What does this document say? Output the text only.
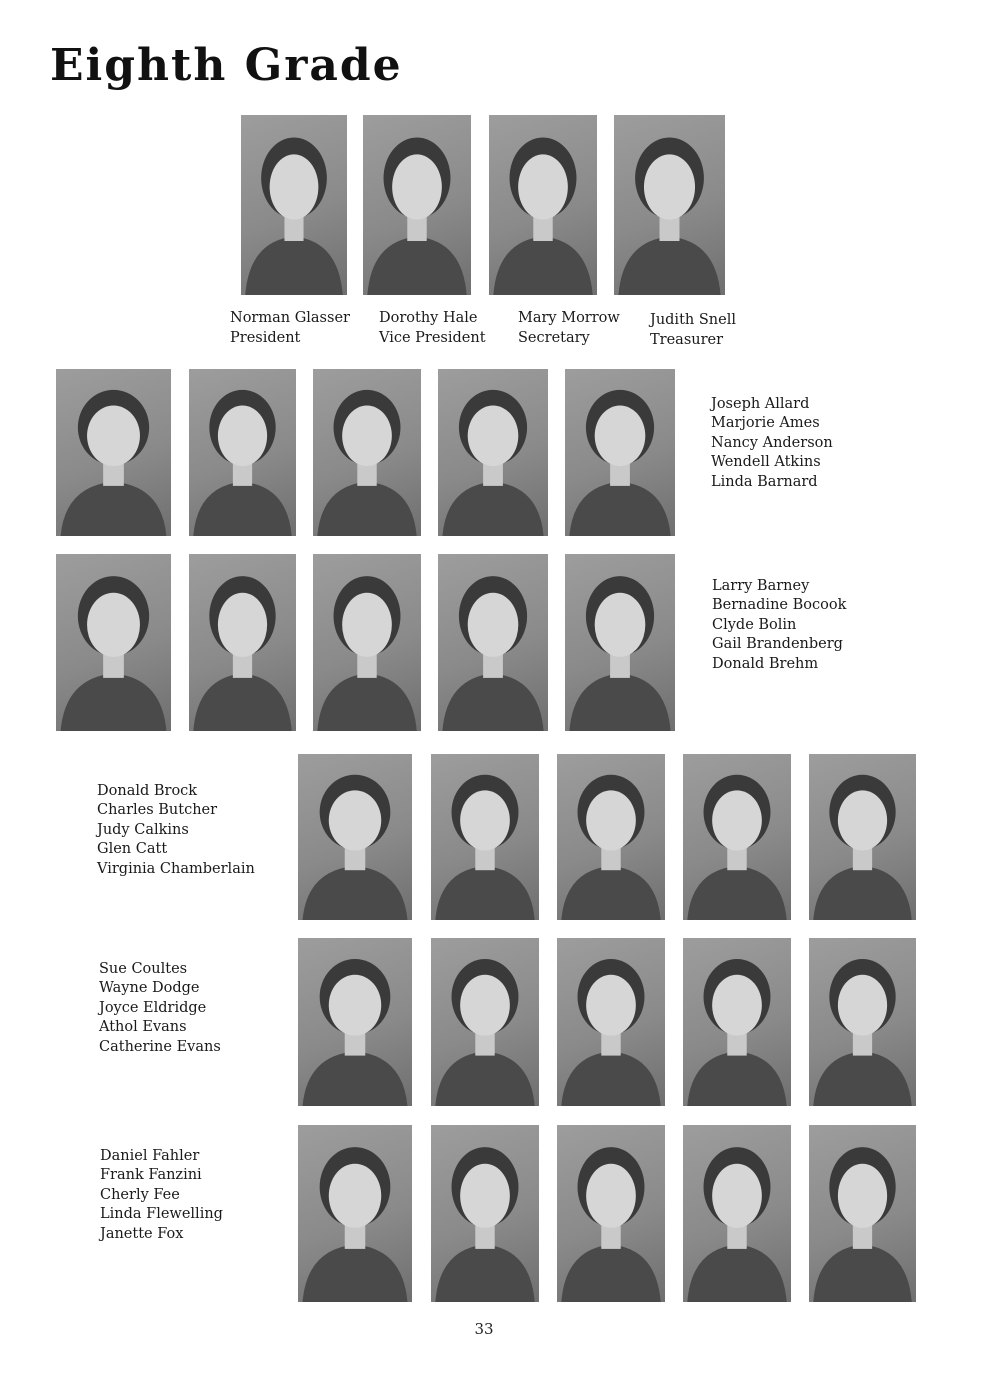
Eighth Grade
Norman Glasser
President
Dorothy Hale
Vice President
Mary Morrow
Secretary
Judith Snell
Treasurer
Joseph Allard
Marjorie Ames
Nancy Anderson
Wendell Atkins
Linda Barnard
Larry Barney
Bernadine Bocook
Clyde Bolin
Gail Brandenberg
Donald Brehm
Donald Brock
Charles Butcher
Judy Calkins
Glen Catt
Virginia Chamberlain
Sue Coultes
Wayne Dodge
Joyce Eldridge
Athol Evans
Catherine Evans
Daniel Fahler
Frank Fanzini
Cherly Fee
Linda Flewelling
Janette Fox
33
